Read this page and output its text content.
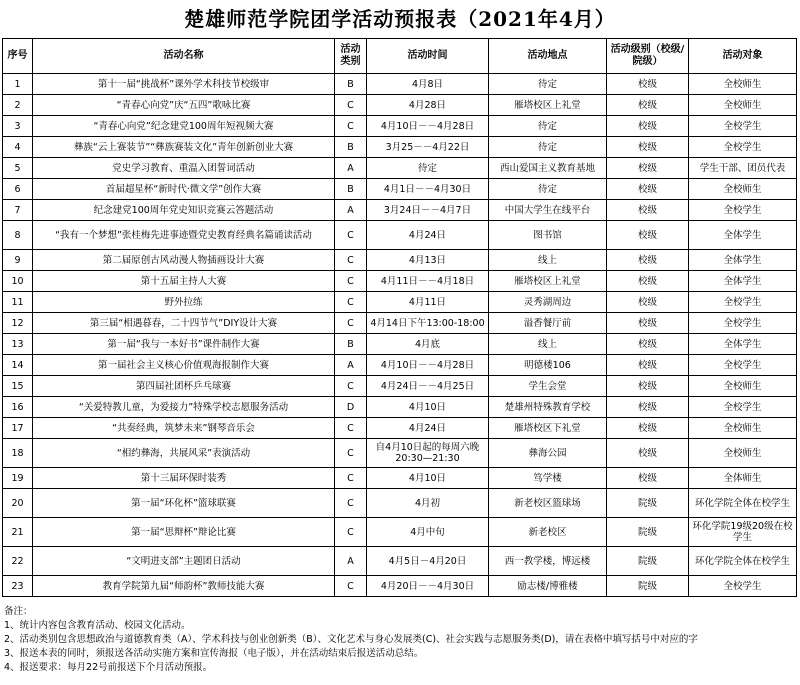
楚雄师范学院团学活动预报表（2021年4月）
序号	活动名称	活动类别	活动时间	活动地点	活动级别（校级/院级）	活动对象
1	第十一届“挑战杯”课外学术科技节校级审	B	4月8日	待定	校级	全校师生
2	“青春心向党”庆“五四”歌咏比赛	C	4月28日	雁塔校区上礼堂	校级	全校师生
3	“青春心向党”纪念建党100周年短视频大赛	C	4月10日－－4月28日	待定	校级	全校学生
4	彝族“云上赛装节”“彝族赛装文化”青年创新创业大赛	B	3月25－－4月22日	待定	校级	全校学生
5	党史学习教育、重温入团誓词活动	A	待定	西山爱国主义教育基地	校级	学生干部、团员代表
6	首届超星杯“新时代·微文学”创作大赛	B	4月1日－－4月30日	待定	校级	全校师生
7	纪念建党100周年党史知识竞赛云答题活动	A	3月24日－－4月7日	中国大学生在线平台	校级	全校学生
8	“我有一个梦想”张桂梅先进事迹暨党史教育经典名篇诵读活动	C	4月24日	图书馆	校级	全体学生
9	第二届原创古风动漫人物插画设计大赛	C	4月13日	线上	校级	全体学生
10	第十五届主持人大赛	C	4月11日－－4月18日	雁塔校区上礼堂	校级	全体学生
11	野外拉练	C	4月11日	灵秀湖周边	校级	全校学生
12	第三届“相遇暮春，二十四节气”DIY设计大赛	C	4月14日下午13:00-18:00	溢香餐厅前	校级	全校学生
13	第一届“我与一本好书”课件制作大赛	B	4月底	线上	校级	全体学生
14	第一届社会主义核心价值观海报制作大赛	A	4月10日－－4月28日	明德楼106	校级	全校学生
15	第四届社团杯乒乓球赛	C	4月24日－－4月25日	学生会堂	校级	全校师生
16	“关爱特教儿童，为爱接力”特殊学校志愿服务活动	D	4月10日	楚雄州特殊教育学校	校级	全校学生
17	“共奏经典，筑梦未来”钢琴音乐会	C	4月24日	雁塔校区下礼堂	校级	全校师生
18	“相约彝海，共展风采”表演活动	C	自4月10日起的每周六晚 20:30—21:30	彝海公园	校级	全校师生
19	第十三届环保时装秀	C	4月10日	笃学楼	校级	全体师生
20	第一届“环化杯”篮球联赛	C	4月初	新老校区篮球场	院级	环化学院全体在校学生
21	第一届“思辩杯”辩论比赛	C	4月中旬	新老校区	院级	环化学院19级20级在校学生
22	“文明进支部”主题团日活动	A	4月5日－4月20日	西一教学楼，博远楼	院级	环化学院全体在校学生
23	教育学院第九届“师韵杯”教师技能大赛	C	4月20日－－4月30日	励志楼/博雅楼	院级	全校学生
备注：
1、统计内容包含教育活动、校园文化活动。
2、活动类别包含思想政治与道德教育类（A）、学术科技与创业创新类（B）、文化艺术与身心发展类(C)、社会实践与志愿服务类(D)，请在表格中填写括号中对应的字
3、报送本表的同时，须报送各活动实施方案和宣传海报（电子版），并在活动结束后报送活动总结。
4、报送要求：每月22号前报送下个月活动预报。
